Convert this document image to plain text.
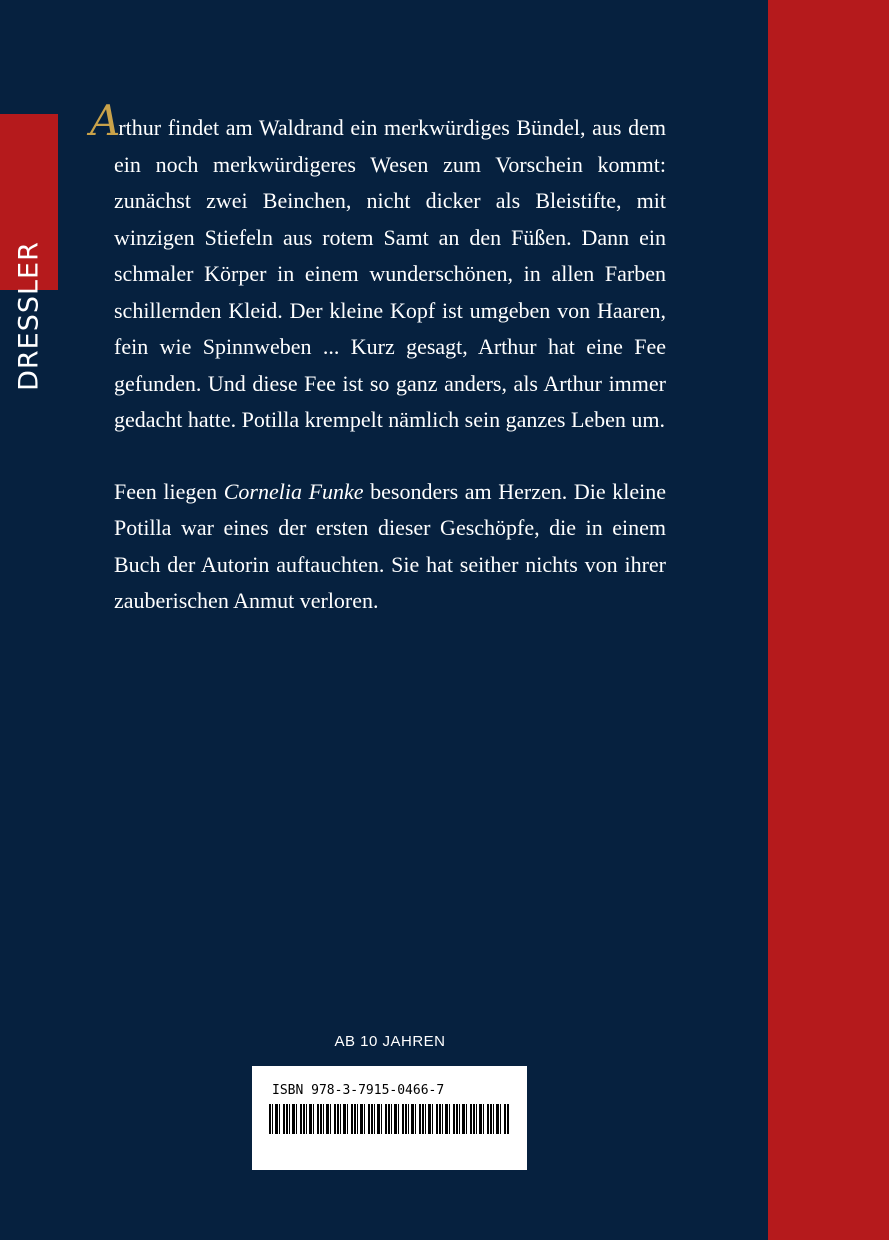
DRESSLER

Arthur findet am Waldrand ein merkwürdiges Bündel, aus dem ein noch merkwürdigeres Wesen zum Vorschein kommt: zunächst zwei Beinchen, nicht dicker als Bleistifte, mit winzigen Stiefeln aus rotem Samt an den Füßen. Dann ein schmaler Körper in einem wunderschönen, in allen Farben schillernden Kleid. Der kleine Kopf ist umgeben von Haaren, fein wie Spinnweben ... Kurz gesagt, Arthur hat eine Fee gefunden. Und diese Fee ist so ganz anders, als Arthur immer gedacht hatte. Potilla krempelt nämlich sein ganzes Leben um.

Feen liegen Cornelia Funke besonders am Herzen. Die kleine Potilla war eines der ersten dieser Geschöpfe, die in einem Buch der Autorin auftauchten. Sie hat seither nichts von ihrer zauberischen Anmut verloren.

AB 10 JAHREN
ISBN 978-3-7915-0466-7
